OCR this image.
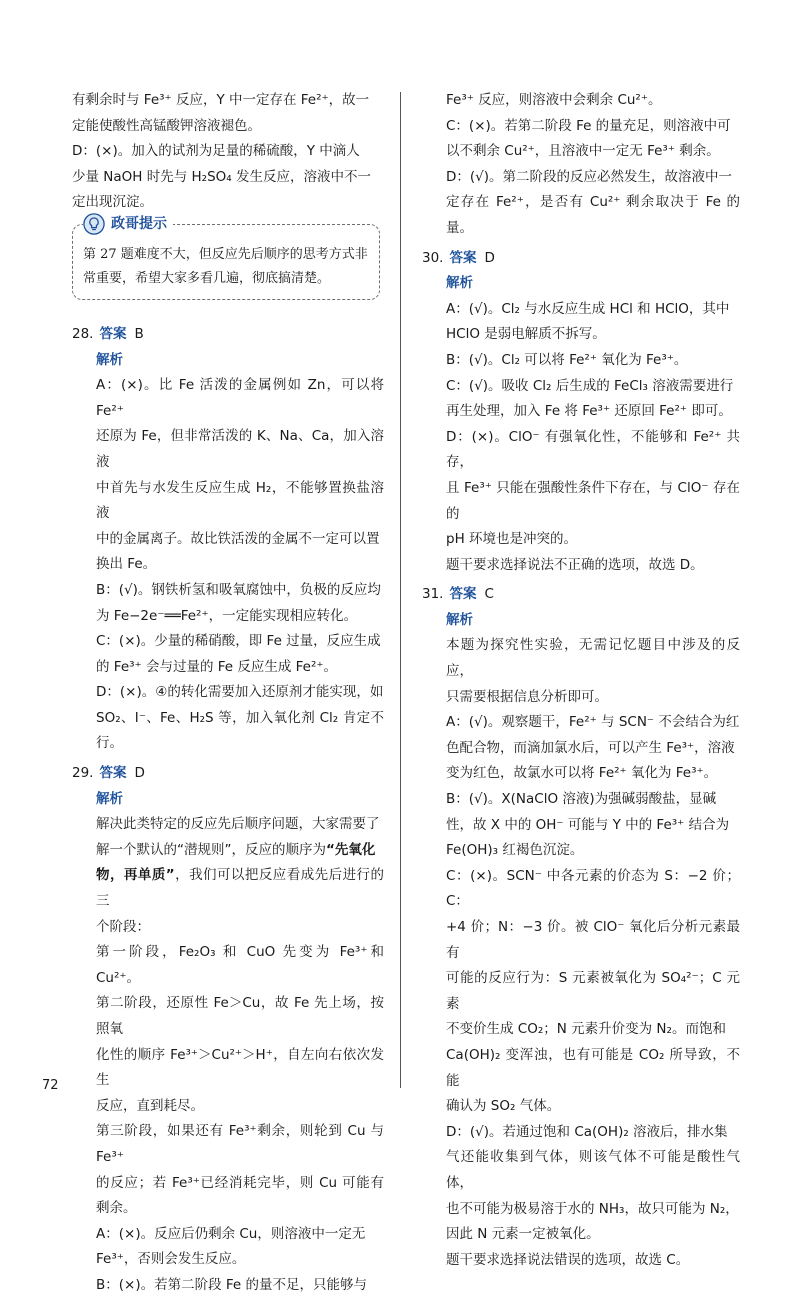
有剩余时与 Fe³⁺ 反应，Y 中一定存在 Fe²⁺，故一

定能使酸性高锰酸钾溶液褪色。

D：(×)。加入的试剂为足量的稀硫酸，Y 中滴人

少量 NaOH 时先与 H₂SO₄ 发生反应，溶液中不一

定出现沉淀。

政哥提示

第 27 题难度不大，但反应先后顺序的思考方式非

常重要，希望大家多看几遍，彻底搞清楚。

28. 答案 B

解析

A：(×)。比 Fe 活泼的金属例如 Zn，可以将 Fe²⁺

还原为 Fe，但非常活泼的 K、Na、Ca，加入溶液

中首先与水发生反应生成 H₂，不能够置换盐溶液

中的金属离子。故比铁活泼的金属不一定可以置

换出 Fe。

B：(√)。钢铁析氢和吸氧腐蚀中，负极的反应均

为 Fe−2e⁻══Fe²⁺，一定能实现相应转化。

C：(×)。少量的稀硝酸，即 Fe 过量，反应生成

的 Fe³⁺ 会与过量的 Fe 反应生成 Fe²⁺。

D：(×)。④的转化需要加入还原剂才能实现，如

SO₂、I⁻、Fe、H₂S 等，加入氧化剂 Cl₂ 肯定不行。

29. 答案 D

解析

解决此类特定的反应先后顺序问题，大家需要了

解一个默认的“潜规则”，反应的顺序为“先氧化

物，再单质”，我们可以把反应看成先后进行的三

个阶段：

第一阶段，Fe₂O₃ 和 CuO 先变为 Fe³⁺和 Cu²⁺。

第二阶段，还原性 Fe＞Cu，故 Fe 先上场，按照氧

化性的顺序 Fe³⁺＞Cu²⁺＞H⁺，自左向右依次发生

反应，直到耗尽。

第三阶段，如果还有 Fe³⁺剩余，则轮到 Cu 与 Fe³⁺

的反应；若 Fe³⁺已经消耗完毕，则 Cu 可能有剩余。

A：(×)。反应后仍剩余 Cu，则溶液中一定无

Fe³⁺，否则会发生反应。

B：(×)。若第二阶段 Fe 的量不足，只能够与

Fe³⁺ 反应，则溶液中会剩余 Cu²⁺。

C：(×)。若第二阶段 Fe 的量充足，则溶液中可

以不剩余 Cu²⁺，且溶液中一定无 Fe³⁺ 剩余。

D：(√)。第二阶段的反应必然发生，故溶液中一

定存在 Fe²⁺，是否有 Cu²⁺ 剩余取决于 Fe 的量。

30. 答案 D

解析

A：(√)。Cl₂ 与水反应生成 HCl 和 HClO，其中

HClO 是弱电解质不拆写。

B：(√)。Cl₂ 可以将 Fe²⁺ 氧化为 Fe³⁺。

C：(√)。吸收 Cl₂ 后生成的 FeCl₃ 溶液需要进行

再生处理，加入 Fe 将 Fe³⁺ 还原回 Fe²⁺ 即可。

D：(×)。ClO⁻ 有强氧化性，不能够和 Fe²⁺ 共存，

且 Fe³⁺ 只能在强酸性条件下存在，与 ClO⁻ 存在的

pH 环境也是冲突的。

题干要求选择说法不正确的选项，故选 D。

31. 答案 C

解析

本题为探究性实验，无需记忆题目中涉及的反应，

只需要根据信息分析即可。

A：(√)。观察题干，Fe²⁺ 与 SCN⁻ 不会结合为红

色配合物，而滴加氯水后，可以产生 Fe³⁺，溶液

变为红色，故氯水可以将 Fe²⁺ 氧化为 Fe³⁺。

B：(√)。X(NaClO 溶液)为强碱弱酸盐，显碱

性，故 X 中的 OH⁻ 可能与 Y 中的 Fe³⁺ 结合为

Fe(OH)₃ 红褐色沉淀。

C：(×)。SCN⁻ 中各元素的价态为 S：−2 价；C：

+4 价；N：−3 价。被 ClO⁻ 氧化后分析元素最有

可能的反应行为：S 元素被氧化为 SO₄²⁻；C 元素

不变价生成 CO₂；N 元素升价变为 N₂。而饱和

Ca(OH)₂ 变浑浊，也有可能是 CO₂ 所导致，不能

确认为 SO₂ 气体。

D：(√)。若通过饱和 Ca(OH)₂ 溶液后，排水集

气还能收集到气体，则该气体不可能是酸性气体，

也不可能为极易溶于水的 NH₃，故只可能为 N₂，

因此 N 元素一定被氧化。

题干要求选择说法错误的选项，故选 C。

72
